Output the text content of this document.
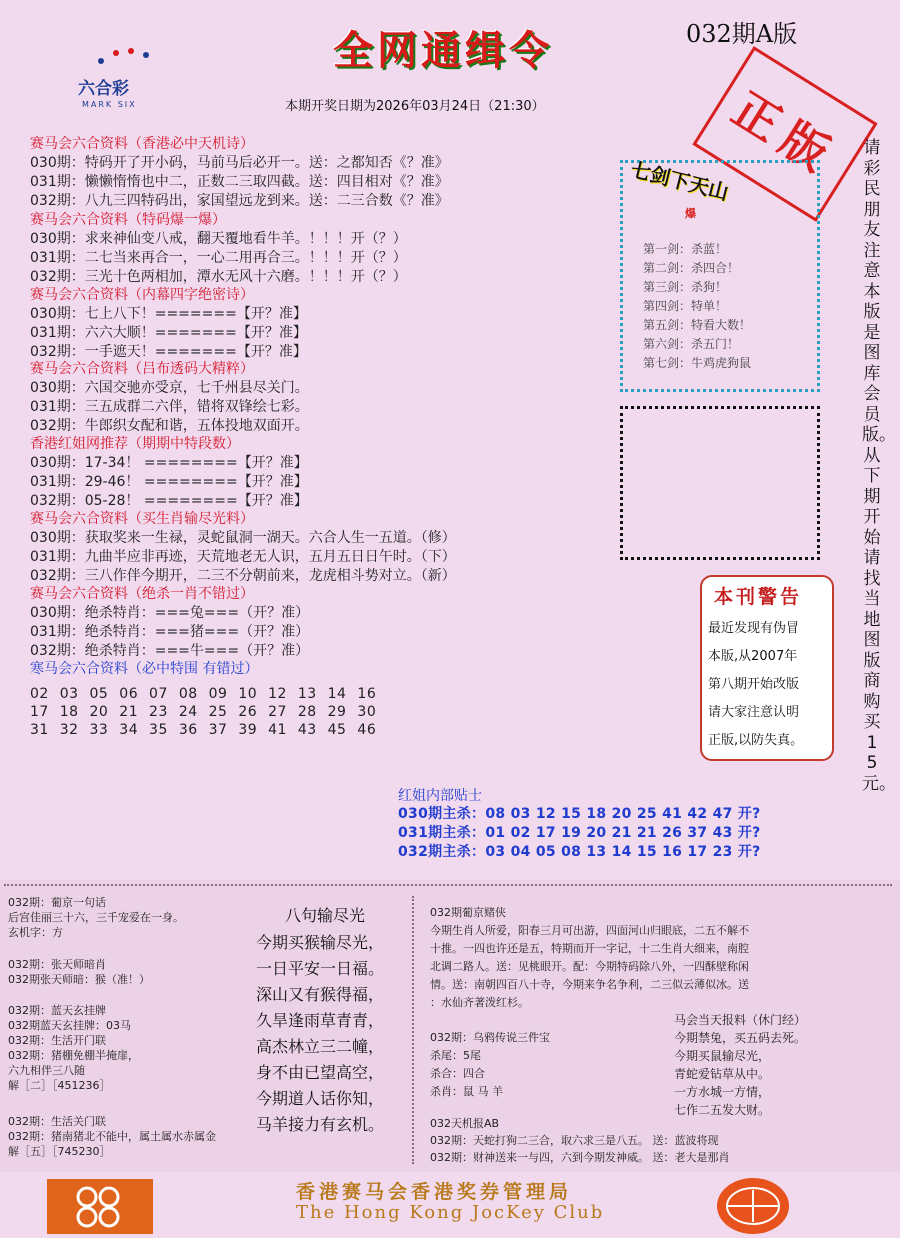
六合彩
MARK SIX
全网通缉令
本期开奖日期为2026年03月24日（21:30）
032期A版
正版
赛马会六合资料（香港必中天机诗）
030期：特码开了开小码，马前马后必开一。送：之都知否《？准》
031期：懒懒惰惰也中二，正数二三取四截。送：四目相对《？准》
032期：八九三四特码出，家国望远龙到来。送：二三合数《？准》
赛马会六合资料（特码爆一爆）
030期：求来神仙变八戒，翻天覆地看牛羊。！！！开（？）
031期：二七当来再合一，一心二用再合三。！！！开（？）
032期：三光十色两相加，潭水无风十六磨。！！！开（？）
赛马会六合资料（内幕四字绝密诗）
030期：七上八下！=======【开？准】
031期：六六大顺！=======【开？准】
032期：一手遮天！=======【开？准】
赛马会六合资料（吕布透码大精粹）
030期：六国交驰亦受京，七千州县尽关门。
031期：三五成群二六伴，错将双锋绘七彩。
032期：牛郎织女配和谐，五体投地双面开。
香港红姐网推荐（期期中特段数）
030期：17-34！ ========【开？准】
031期：29-46！ ========【开？准】
032期：05-28！ ========【开？准】
赛马会六合资料（买生肖输尽光料）
030期：获取奖来一生禄，灵蛇鼠洞一湖天。六合人生一五道。（修）
031期：九曲半应非再迹，天荒地老无人识，五月五日日午时。（下）
032期：三八作伴今期开，二三不分朝前来，龙虎相斗势对立。（新）
赛马会六合资料（绝杀一肖不错过）
030期：绝杀特肖：===兔===（开？准）
031期：绝杀特肖：===猪===（开？准）
032期：绝杀特肖：===牛===（开？准）
寒马会六合资料（必中特围 有错过）
02 03 05 06 07 08 09 10 12 13 14 16
17 18 20 21 23 24 25 26 27 28 29 30
31 32 33 34 35 36 37 39 41 43 45 46
七剑下天山
爆
第一剑：杀蓝！
第二剑：杀四合！
第三剑：杀狗！
第四剑：特单！
第五剑：特看大数！
第六剑：杀五门！
第七剑：牛鸡虎狗鼠
本刊警告
最近发现有伪冒
本版,从2007年
第八期开始改版
请大家注意认明
正版,以防失真。
请彩民朋友注意本版是图库会员版。从下期开始请找当地图版商购买15元。
红姐内部贴士
030期主杀：08 03 12 15 18 20 25 41 42 47 开?
031期主杀：01 02 17 19 20 21 21 26 37 43 开?
032期主杀：03 04 05 08 13 14 15 16 17 23 开?
032期：葡京一句话
后宫佳丽三十六，三千宠爱在一身。
玄机字：方
032期：张天师暗肖
032期张天师暗：猴（准！）
032期：蓝天玄挂牌
032期蓝天玄挂牌：03马
032期：生活开门联
032期：猪棚免棚半掩扉，
六九相伴三八随
解［二］［451236］
032期：生活关门联
032期：猪南猪北不能中，属土属水赤属金
解［五］［745230］
八句输尽光
今期买猴输尽光，
一日平安一日福。
深山又有猴得福，
久旱逢雨草青青，
高杰林立三二幢，
身不由已望高空，
今期道人话你知，
马羊接力有玄机。
032期葡京赌侠
今期生肖人所爱，阳春三月可出游，四面河山归眼底，二五不解不
十推。一四也许还是五，特期而开一字记，十二生肖大细来，南腔
北调二路人。送：见桃眼开。配：今期特码除八外，一四酥壁称闲
情。送：南朝四百八十寺，今期来争名争利，二三似云薄似冰。送
：水仙齐著泼红杉。
032期：乌鸦传说三件宝
杀尾：5尾
杀合：四合
杀肖：鼠 马 羊
032天机报AB
032期：天蛇打狗二三合，取六求三是八五。 送：蓝波将现
032期：财神送来一与四，六到今期发神威。 送：老大是那肖
马会当天报料（休门经）
今期禁兔，买五码去死。
今期买鼠输尽光，
青蛇爱钻草从中。
一方水城一方情，
七作二五发大财。
香港赛马会香港奖券管理局
The Hong Kong JocKey Club
